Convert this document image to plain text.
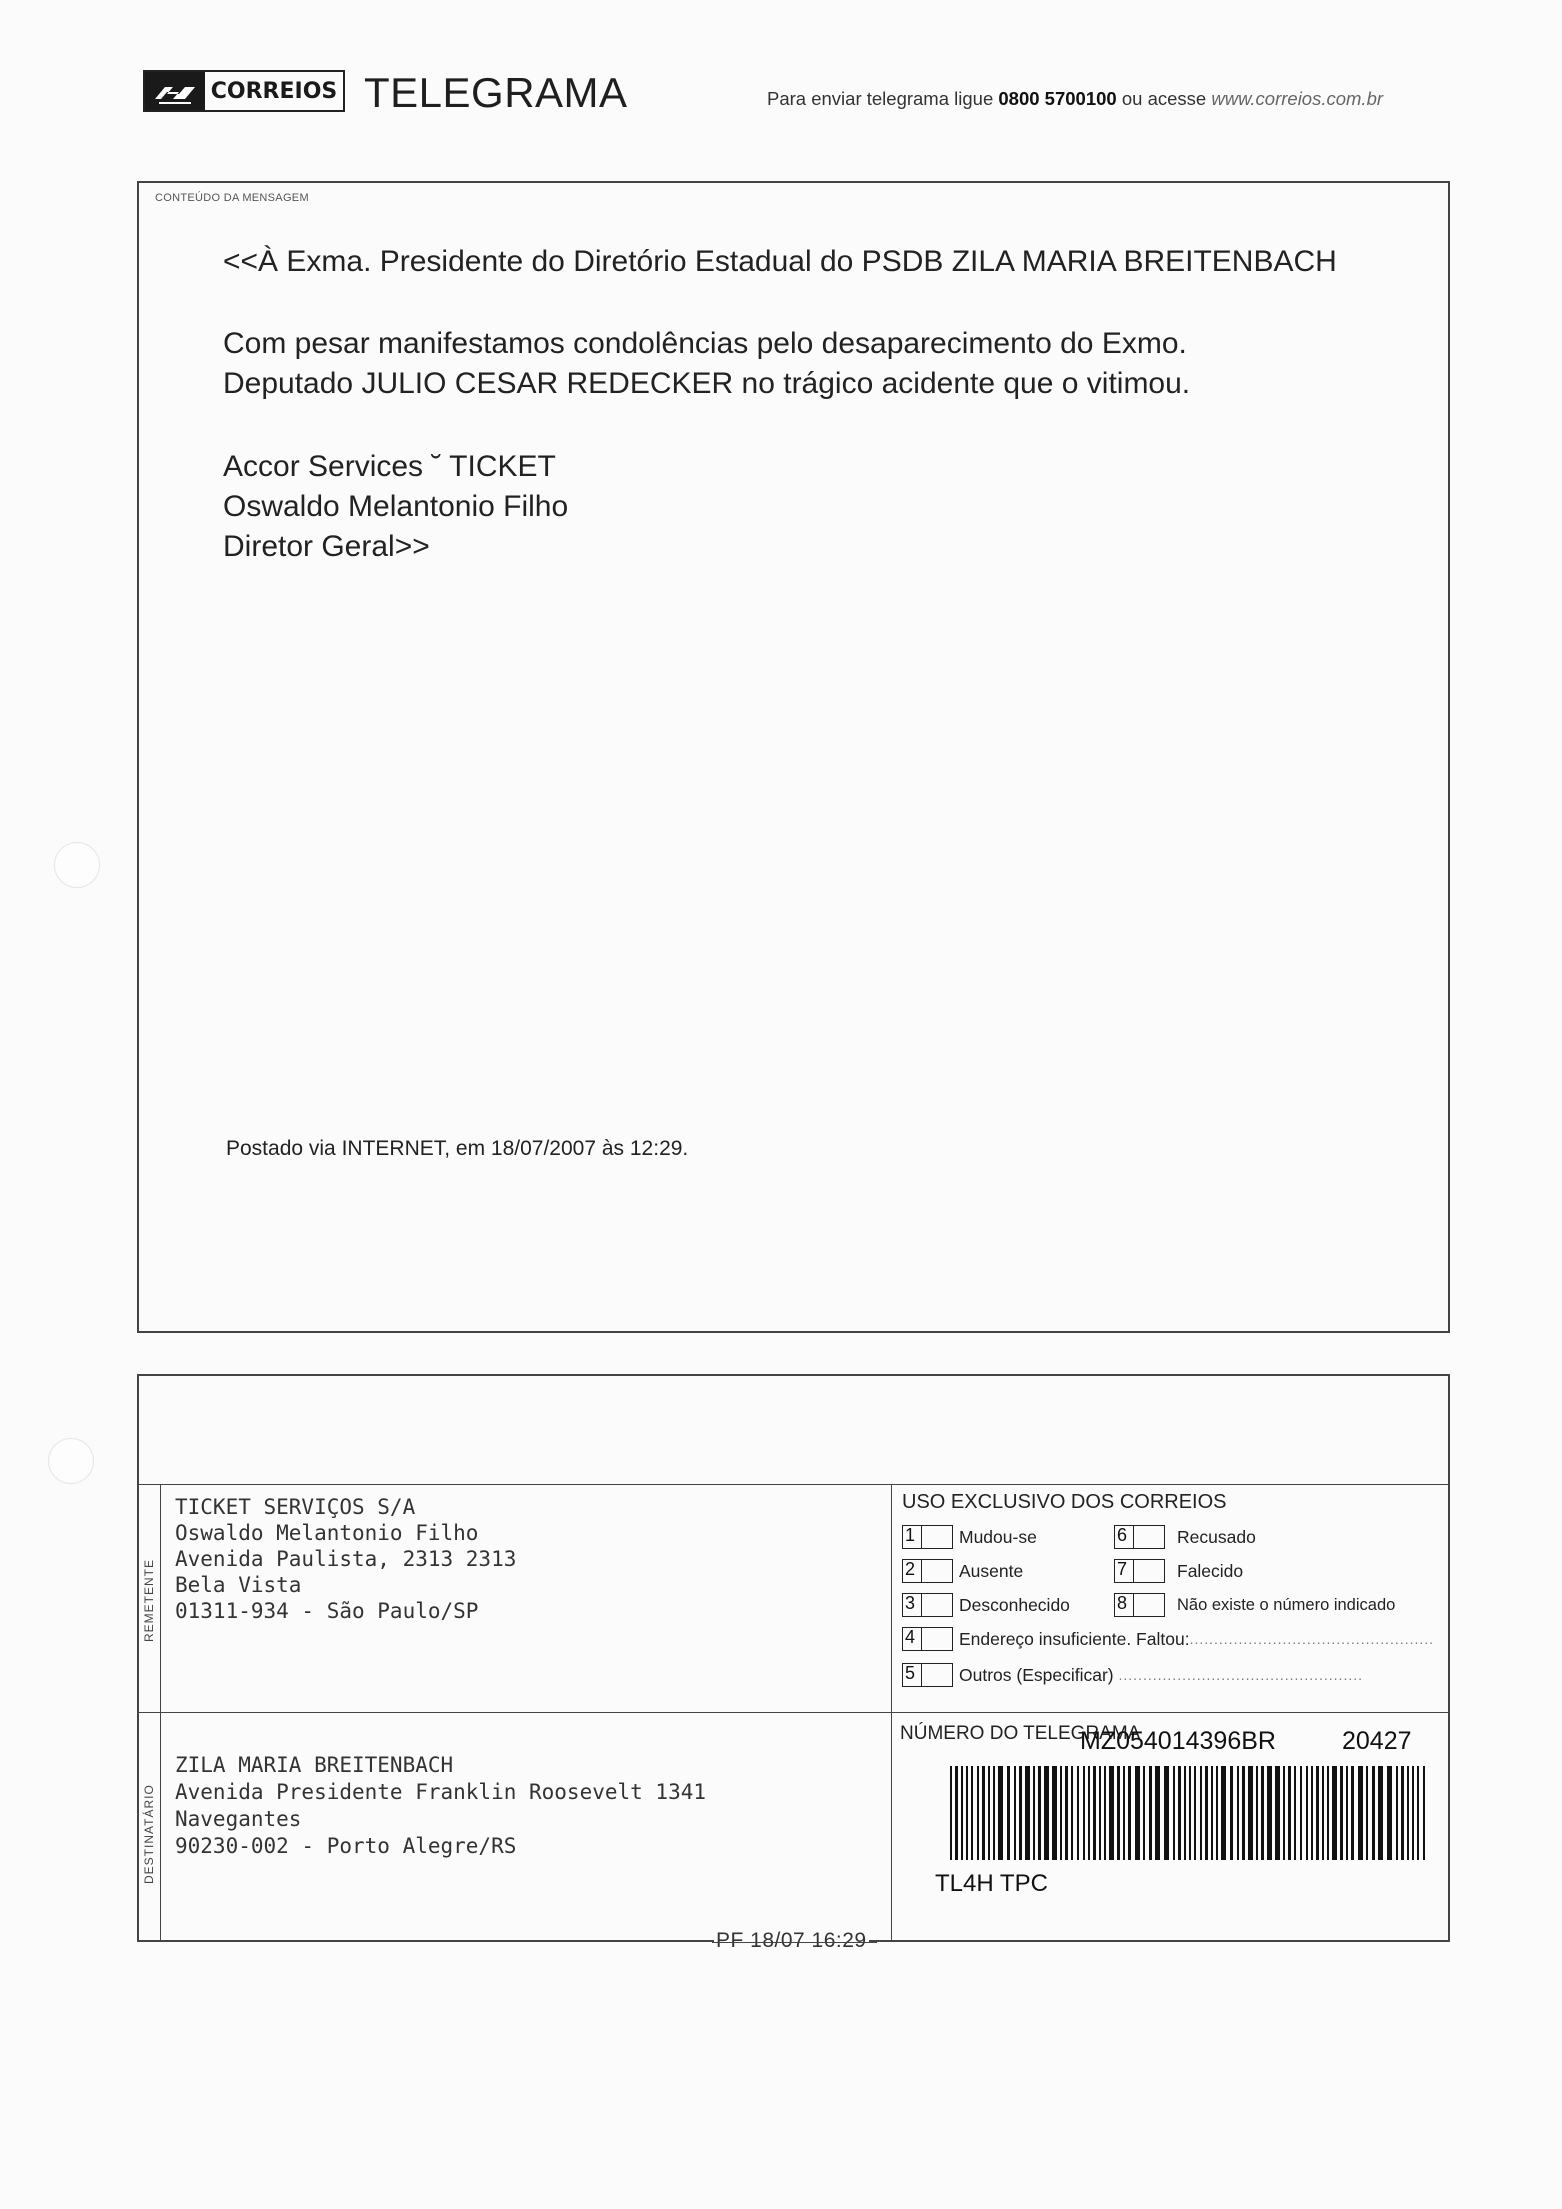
CORREIOS TELEGRAMA	Para enviar telegrama ligue 0800 5700100 ou acesse www.correios.com.br
CONTEÚDO DA MENSAGEM
<<À Exma. Presidente do Diretório Estadual do PSDB ZILA MARIA BREITENBACH
Com pesar manifestamos condolências pelo desaparecimento do Exmo.
Deputado JULIO CESAR REDECKER no trágico acidente que o vitimou.
Accor Services ˘ TICKET
Oswaldo Melantonio Filho
Diretor Geral>>
Postado via INTERNET, em 18/07/2007 às 12:29.
REMETENTE
TICKET SERVIÇOS S/A
Oswaldo Melantonio Filho
Avenida Paulista, 2313 2313
Bela Vista
01311-934 - São Paulo/SP
DESTINATÁRIO
ZILA MARIA BREITENBACH
Avenida Presidente Franklin Roosevelt 1341
Navegantes
90230-002 - Porto Alegre/RS
USO EXCLUSIVO DOS CORREIOS
1	Mudou-se
2	Ausente
3	Desconhecido
4	Endereço insuficiente. Faltou: ..................................................
5	Outros (Especificar) ..................................................
6	Recusado
7	Falecido
8	Não existe o número indicado
NÚMERO DO TELEGRAMA
MZ054014396BR	20427
TL4H TPC
PF 18/07 16:29
